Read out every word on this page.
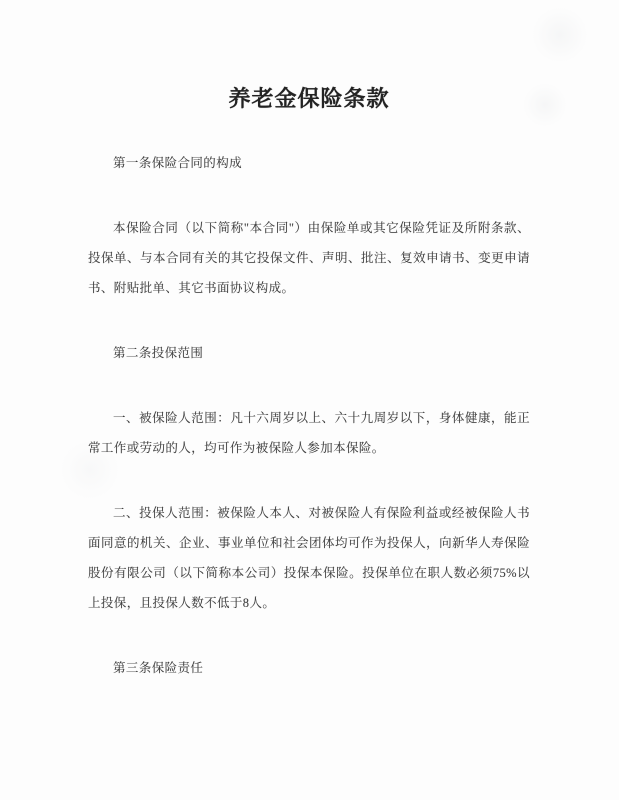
养老金保险条款

第一条保险合同的构成

本保险合同（以下简称"本合同"）由保险单或其它保险凭证及所附条款、投保单、与本合同有关的其它投保文件、声明、批注、复效申请书、变更申请书、附贴批单、其它书面协议构成。

第二条投保范围

一、被保险人范围：凡十六周岁以上、六十九周岁以下，身体健康，能正常工作或劳动的人，均可作为被保险人参加本保险。

二、投保人范围：被保险人本人、对被保险人有保险利益或经被保险人书面同意的机关、企业、事业单位和社会团体均可作为投保人，向新华人寿保险股份有限公司（以下简称本公司）投保本保险。投保单位在职人数必须75%以上投保，且投保人数不低于8人。

第三条保险责任
